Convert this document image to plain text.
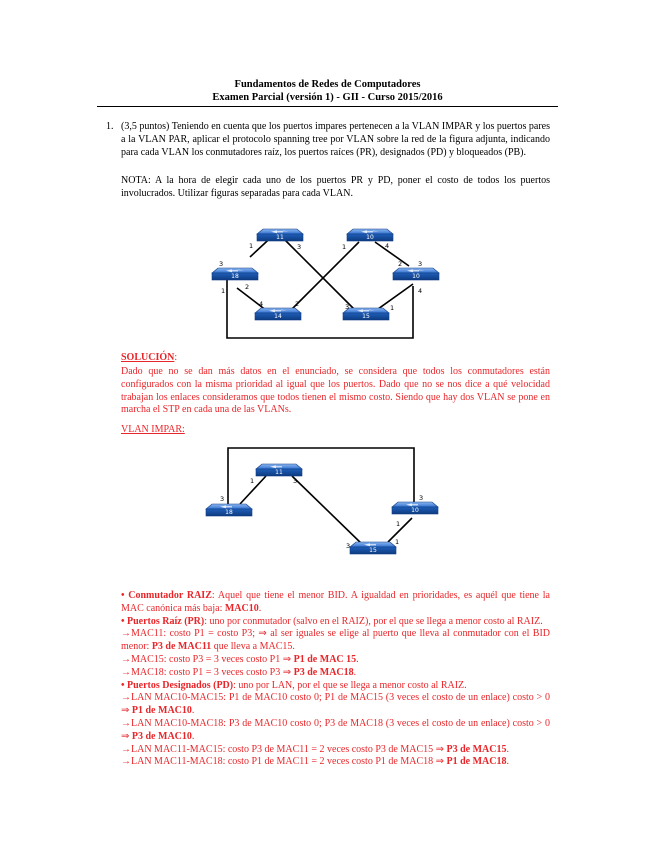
Fundamentos de Redes de Computadores
Examen Parcial (versión 1) - GII - Curso 2015/2016
1. (3,5 puntos) Teniendo en cuenta que los puertos impares pertenecen a la VLAN IMPAR y los puertos pares a la VLAN PAR, aplicar el protocolo spanning tree por VLAN sobre la red de la figura adjunta, indicando para cada VLAN los conmutadores raíz, los puertos raíces (PR), designados (PD) y bloqueados (PB).
NOTA: A la hora de elegir cada uno de los puertos PR y PD, poner el costo de todos los puertos involucrados. Utilizar figuras separadas para cada VLAN.
11	10
18	10
14	15
1	3	1	4
3
2
1
2 3
4
4	2	3	1
SOLUCIÓN:
Dado que no se dan más datos en el enunciado, se considera que todos los conmutadores están configurados con la misma prioridad al igual que los puertos. Dado que no se nos dice a qué velocidad trabajan los enlaces consideramos que todos tienen el mismo costo. Siendo que hay dos VLAN se pone en marcha el STP en cada una de las VLANs.
VLAN IMPAR:
11
18
15
10
1	3
3	3
1
3	1
• Conmutador RAIZ: Aquel que tiene el menor BID. A igualdad en prioridades, es aquél que tiene la MAC canónica más baja: MAC10.
• Puertos Raíz (PR): uno por conmutador (salvo en el RAIZ), por el que se llega a menor costo al RAIZ.
→MAC11: costo P1 = costo P3; ⇒ al ser iguales se elige al puerto que lleva al conmutador con el BID menor: P3 de MAC11 que lleva a MAC15.
→MAC15: costo P3 = 3 veces costo P1 ⇒ P1 de MAC 15.
→MAC18: costo P1 = 3 veces costo P3 ⇒ P3 de MAC18.
• Puertos Designados (PD): uno por LAN, por el que se llega a menor costo al RAIZ.
→LAN MAC10-MAC15: P1 de MAC10 costo 0; P1 de MAC15 (3 veces el costo de un enlace) costo > 0 ⇒ P1 de MAC10.
→LAN MAC10-MAC18: P3 de MAC10 costo 0; P3 de MAC18 (3 veces el costo de un enlace) costo > 0 ⇒ P3 de MAC10.
→LAN MAC11-MAC15: costo P3 de MAC11 = 2 veces costo P3 de MAC15 ⇒ P3 de MAC15.
→LAN MAC11-MAC18: costo P1 de MAC11 = 2 veces costo P1 de MAC18 ⇒ P1 de MAC18.
